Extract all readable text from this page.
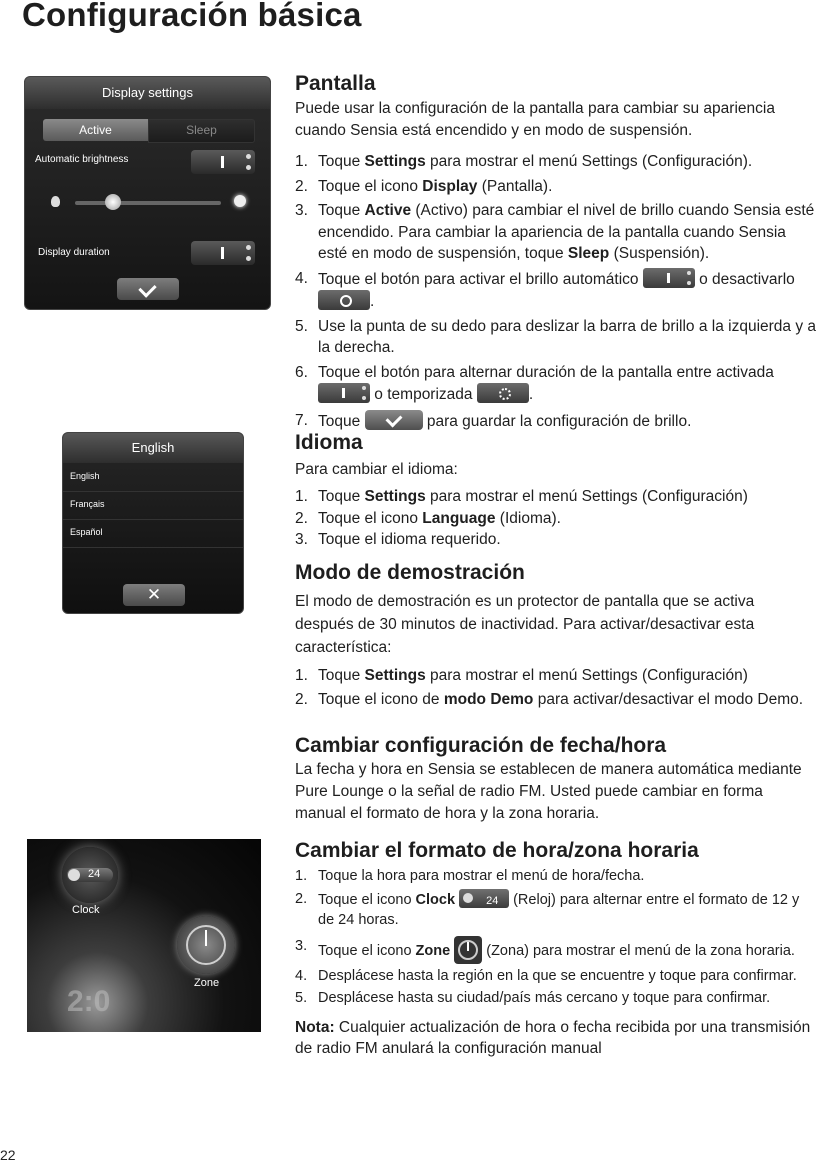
Configuración básica
Display settings
Active	Sleep
Automatic brightness
Display duration
English
English
Français
Español
✕
24
Clock
Zone
2:0
Pantalla

Puede usar la configuración de la pantalla para cambiar su apariencia cuando Sensia está encendido y en modo de suspensión.

1. Toque Settings para mostrar el menú Settings (Configuración).
2. Toque el icono Display (Pantalla).
3. Toque Active (Activo) para cambiar el nivel de brillo cuando Sensia esté encendido. Para cambiar la apariencia de la pantalla cuando Sensia esté en modo de suspensión, toque Sleep (Suspensión).
4. Toque el botón para activar el brillo automático	o desactivarlo
.
5. Use la punta de su dedo para deslizar la barra de brillo a la izquierda y a la derecha.
6. Toque el botón para alternar duración de la pantalla entre activada
o temporizada	.
7. Toque	para guardar la configuración de brillo.
Idioma

Para cambiar el idioma:

1. Toque Settings para mostrar el menú Settings (Configuración)
2. Toque el icono Language (Idioma).
3. Toque el idioma requerido.
Modo de demostración

El modo de demostración es un protector de pantalla que se activa después de 30 minutos de inactividad. Para activar/desactivar esta característica:

1. Toque Settings para mostrar el menú Settings (Configuración)
2. Toque el icono de modo Demo para activar/desactivar el modo Demo.
Cambiar configuración de fecha/hora

La fecha y hora en Sensia se establecen de manera automática mediante Pure Lounge o la señal de radio FM. Usted puede cambiar en forma manual el formato de hora y la zona horaria.

Cambiar el formato de hora/zona horaria
1. Toque la hora para mostrar el menú de hora/fecha.
2. Toque el icono Clock	24 (Reloj) para alternar entre el formato de 12 y de 24 horas.
3. Toque el icono Zone
(Zona) para mostrar el menú de la zona horaria.
4. Desplácese hasta la región en la que se encuentre y toque para confirmar.
5. Desplácese hasta su ciudad/país más cercano y toque para confirmar.

Nota: Cualquier actualización de hora o fecha recibida por una transmisión de radio FM anulará la configuración manual

22
